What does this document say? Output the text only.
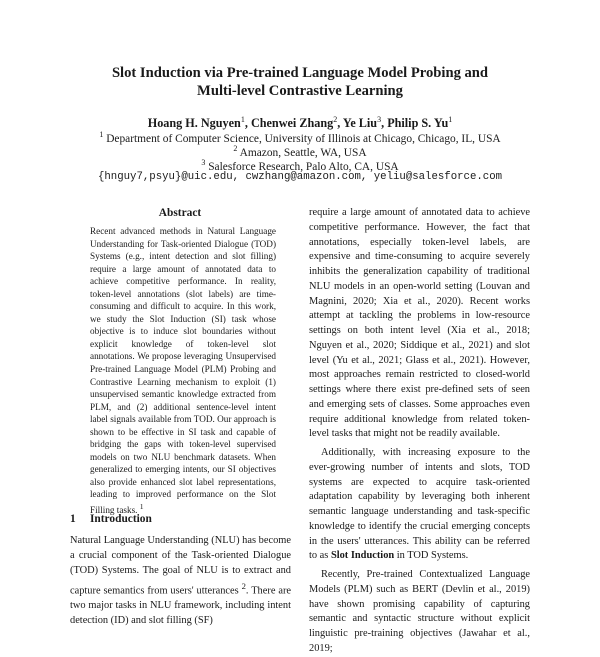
Slot Induction via Pre-trained Language Model Probing and
Multi-level Contrastive Learning
Hoang H. Nguyen$^1$, Chenwei Zhang$^2$, Ye Liu$^3$, Philip S. Yu$^1$
$^1$ Department of Computer Science, University of Illinois at Chicago, Chicago, IL, USA
$^2$ Amazon, Seattle, WA, USA
$^3$ Salesforce Research, Palo Alto, CA, USA
{hnguy7,psyu}@uic.edu, cwzhang@amazon.com, yeliu@salesforce.com
Abstract

Recent advanced methods in Natural Language Understanding for Task-oriented Dialogue (TOD) Systems (e.g., intent detection and slot filling) require a large amount of annotated data to achieve competitive performance. In reality, token-level annotations (slot labels) are time-consuming and difficult to acquire. In this work, we study the Slot Induction (SI) task whose objective is to induce slot boundaries without explicit knowledge of token-level slot annotations. We propose leveraging Unsupervised Pre-trained Language Model (PLM) Probing and Contrastive Learning mechanism to exploit (1) unsupervised semantic knowledge extracted from PLM, and (2) additional sentence-level intent label signals available from TOD. Our approach is shown to be effective in SI task and capable of bridging the gaps with token-level supervised models on two NLU benchmark datasets. When generalized to emerging intents, our SI objectives also provide enhanced slot label representations, leading to improved performance on the Slot Filling tasks. $^1$

1 Introduction

Natural Language Understanding (NLU) has become a crucial component of the Task-oriented Dialogue (TOD) Systems. The goal of NLU is to extract and capture semantics from users' utterances $^2$. There are two major tasks in NLU framework, including intent detection (ID) and slot filling (SF)

require a large amount of annotated data to achieve competitive performance. However, the fact that annotations, especially token-level labels, are expensive and time-consuming to acquire severely inhibits the generalization capability of traditional NLU models in an open-world setting (Louvan and Magnini, 2020; Xia et al., 2020). Recent works attempt at tackling the problems in low-resource settings on both intent level (Xia et al., 2018; Nguyen et al., 2020; Siddique et al., 2021) and slot level (Yu et al., 2021; Glass et al., 2021). However, most approaches remain restricted to closed-world settings where there exist pre-defined sets of seen and emerging sets of classes. Some approaches even require additional knowledge from related token-level tasks that might not be readily available.

Additionally, with increasing exposure to the ever-growing number of intents and slots, TOD systems are expected to acquire task-oriented adaptation capability by leveraging both inherent semantic language understanding and task-specific knowledge to identify the crucial emerging concepts in the users' utterances. This ability can be referred to as Slot Induction in TOD Systems.

Recently, Pre-trained Contextualized Language Models (PLM) such as BERT (Devlin et al., 2019) have shown promising capability of capturing semantic and syntactic structure without explicit linguistic pre-training objectives (Jawahar et al., 2019;
